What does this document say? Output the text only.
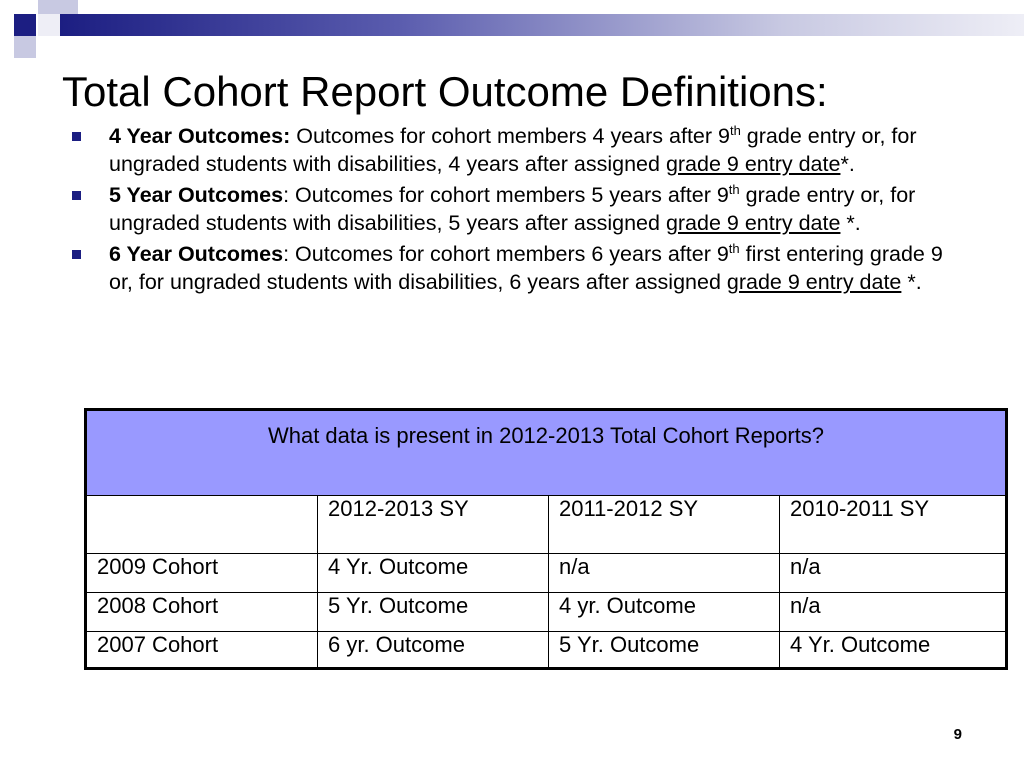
Total Cohort Report Outcome Definitions:
4 Year Outcomes: Outcomes for cohort members 4 years after 9th grade entry or, for ungraded students with disabilities, 4 years after assigned grade 9 entry date*.
5 Year Outcomes: Outcomes for cohort members 5 years after 9th grade entry or, for ungraded students with disabilities, 5 years after assigned grade 9 entry date *.
6 Year Outcomes: Outcomes for cohort members 6 years after 9th first entering grade 9 or, for ungraded students with disabilities, 6 years after assigned grade 9 entry date *.
What data is present in 2012-2013 Total Cohort Reports?			
	2012-2013 SY	2011-2012 SY	2010-2011 SY
2009 Cohort	4 Yr. Outcome	n/a	n/a
2008 Cohort	5 Yr. Outcome	4 yr. Outcome	n/a
2007 Cohort	6 yr. Outcome	5 Yr. Outcome	4 Yr. Outcome
9
